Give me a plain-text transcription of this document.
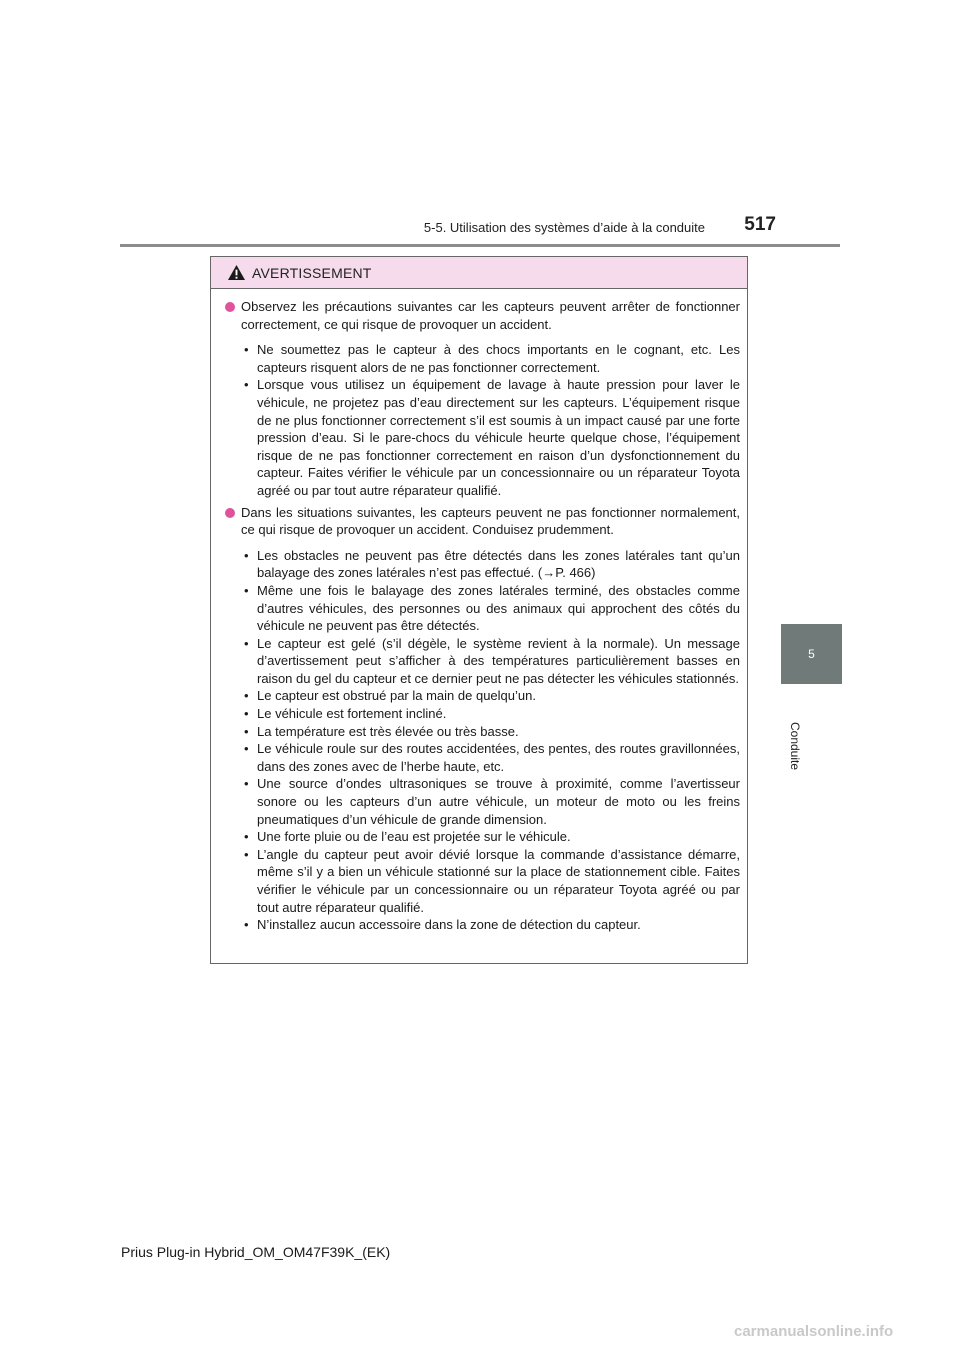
5-5. Utilisation des systèmes d’aide à la conduite	517
5
Conduite
AVERTISSEMENT
Observez les précautions suivantes car les capteurs peuvent arrêter de fonctionner correctement, ce qui risque de provoquer un accident.
• Ne soumettez pas le capteur à des chocs importants en le cognant, etc. Les capteurs risquent alors de ne pas fonctionner correctement.
• Lorsque vous utilisez un équipement de lavage à haute pression pour laver le véhicule, ne projetez pas d’eau directement sur les capteurs. L’équipement risque de ne plus fonctionner correctement s’il est soumis à un impact causé par une forte pression d’eau. Si le pare-chocs du véhicule heurte quelque chose, l’équipement risque de ne pas fonctionner correctement en raison d’un dysfonctionnement du capteur. Faites vérifier le véhicule par un concessionnaire ou un réparateur Toyota agréé ou par tout autre réparateur qualifié.
Dans les situations suivantes, les capteurs peuvent ne pas fonctionner normalement, ce qui risque de provoquer un accident. Conduisez prudemment.
• Les obstacles ne peuvent pas être détectés dans les zones latérales tant qu’un balayage des zones latérales n’est pas effectué. (→P. 466)
• Même une fois le balayage des zones latérales terminé, des obstacles comme d’autres véhicules, des personnes ou des animaux qui approchent des côtés du véhicule ne peuvent pas être détectés.
• Le capteur est gelé (s’il dégèle, le système revient à la normale). Un message d’avertissement peut s’afficher à des températures particulièrement basses en raison du gel du capteur et ce dernier peut ne pas détecter les véhicules stationnés.
• Le capteur est obstrué par la main de quelqu’un.
• Le véhicule est fortement incliné.
• La température est très élevée ou très basse.
• Le véhicule roule sur des routes accidentées, des pentes, des routes gravillonnées, dans des zones avec de l’herbe haute, etc.
• Une source d’ondes ultrasoniques se trouve à proximité, comme l’avertisseur sonore ou les capteurs d’un autre véhicule, un moteur de moto ou les freins pneumatiques d’un véhicule de grande dimension.
• Une forte pluie ou de l’eau est projetée sur le véhicule.
• L’angle du capteur peut avoir dévié lorsque la commande d’assistance démarre, même s’il y a bien un véhicule stationné sur la place de stationnement cible. Faites vérifier le véhicule par un concessionnaire ou un réparateur Toyota agréé ou par tout autre réparateur qualifié.
• N’installez aucun accessoire dans la zone de détection du capteur.
Prius Plug-in Hybrid_OM_OM47F39K_(EK)
carmanualsonline.info
